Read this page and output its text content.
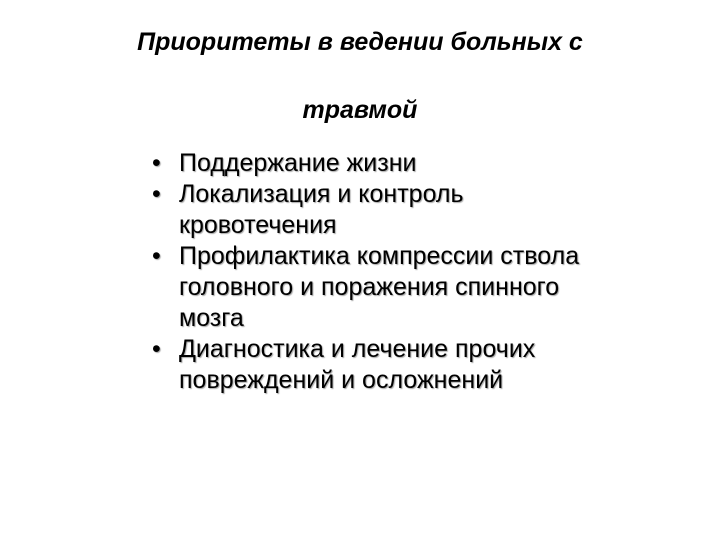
Приоритеты в ведении больных с
травмой
• Поддержание жизни
• Локализация и контроль
кровотечения
• Профилактика компрессии ствола
головного и поражения спинного
мозга
• Диагностика и лечение прочих
повреждений и осложнений
